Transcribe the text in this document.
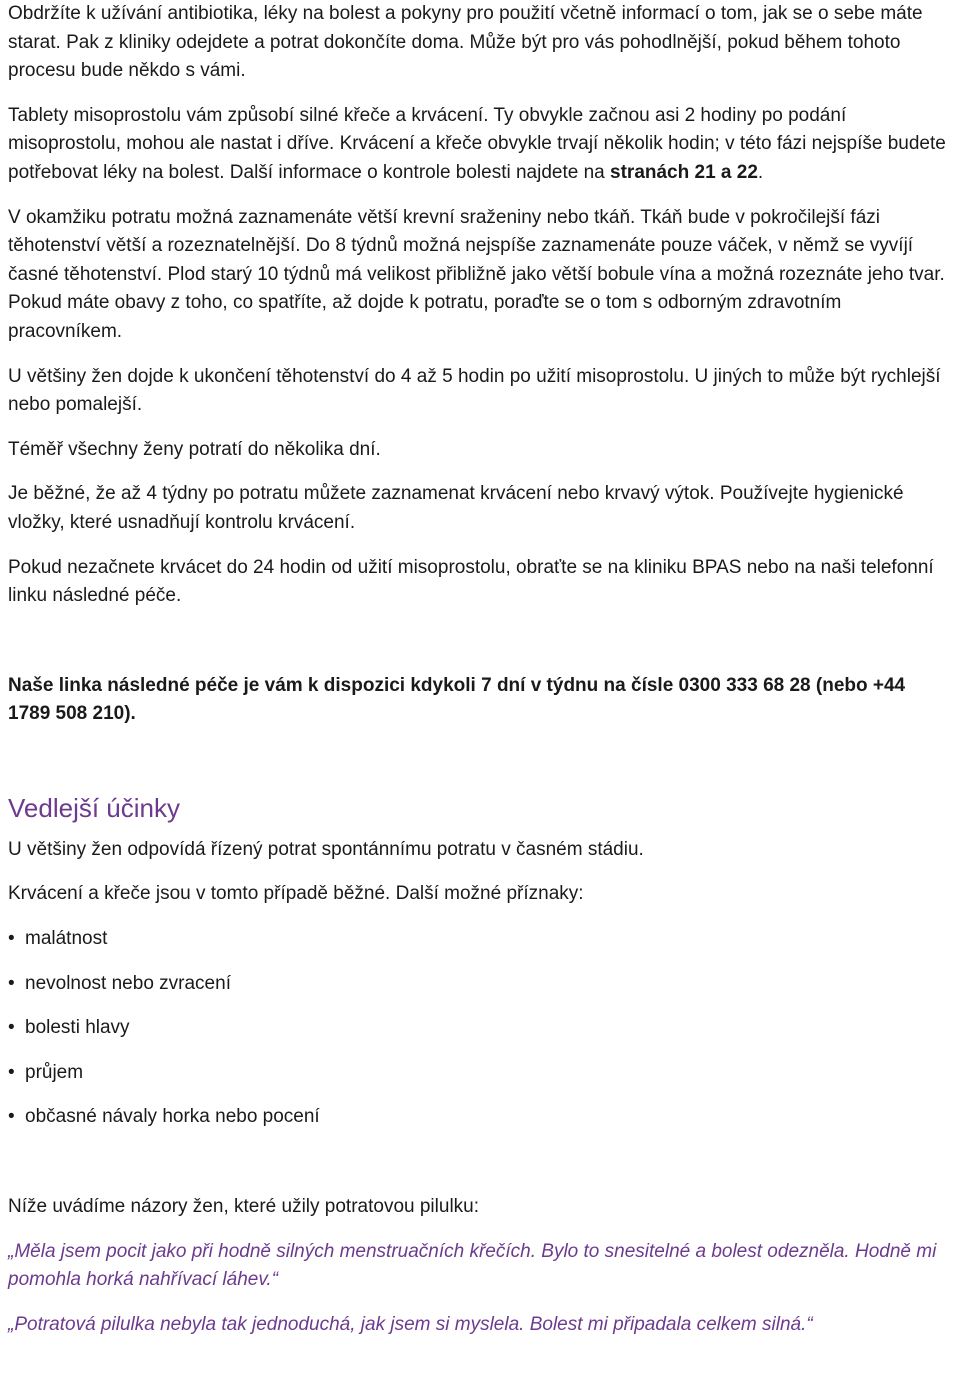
Obdržíte k užívání antibiotika, léky na bolest a pokyny pro použití včetně informací o tom, jak se o sebe máte starat. Pak z kliniky odejdete a potrat dokončíte doma. Může být pro vás pohodlnější, pokud během tohoto procesu bude někdo s vámi.

Tablety misoprostolu vám způsobí silné křeče a krvácení. Ty obvykle začnou asi 2 hodiny po podání misoprostolu, mohou ale nastat i dříve. Krvácení a křeče obvykle trvají několik hodin; v této fázi nejspíše budete potřebovat léky na bolest. Další informace o kontrole bolesti najdete na stranách 21 a 22.

V okamžiku potratu možná zaznamenáte větší krevní sraženiny nebo tkáň. Tkáň bude v pokročilejší fázi těhotenství větší a rozeznatelnější. Do 8 týdnů možná nejspíše zaznamenáte pouze váček, v němž se vyvíjí časné těhotenství. Plod starý 10 týdnů má velikost přibližně jako větší bobule vína a možná rozeznáte jeho tvar. Pokud máte obavy z toho, co spatříte, až dojde k potratu, poraďte se o tom s odborným zdravotním pracovníkem.

U většiny žen dojde k ukončení těhotenství do 4 až 5 hodin po užití misoprostolu. U jiných to může být rychlejší nebo pomalejší.

Téměř všechny ženy potratí do několika dní.

Je běžné, že až 4 týdny po potratu můžete zaznamenat krvácení nebo krvavý výtok. Používejte hygienické vložky, které usnadňují kontrolu krvácení.

Pokud nezačnete krvácet do 24 hodin od užití misoprostolu, obraťte se na kliniku BPAS nebo na naši telefonní linku následné péče.

Naše linka následné péče je vám k dispozici kdykoli 7 dní v týdnu na čísle 0300 333 68 28 (nebo +44 1789 508 210).

Vedlejší účinky

U většiny žen odpovídá řízený potrat spontánnímu potratu v časném stádiu.

Krvácení a křeče jsou v tomto případě běžné. Další možné příznaky:

• malátnost

• nevolnost nebo zvracení

• bolesti hlavy

• průjem

• občasné návaly horka nebo pocení

Níže uvádíme názory žen, které užily potratovou pilulku:

„Měla jsem pocit jako při hodně silných menstruačních křečích. Bylo to snesitelné a bolest odezněla. Hodně mi pomohla horká nahřívací láhev.“

„Potratová pilulka nebyla tak jednoduchá, jak jsem si myslela. Bolest mi připadala celkem silná.“
